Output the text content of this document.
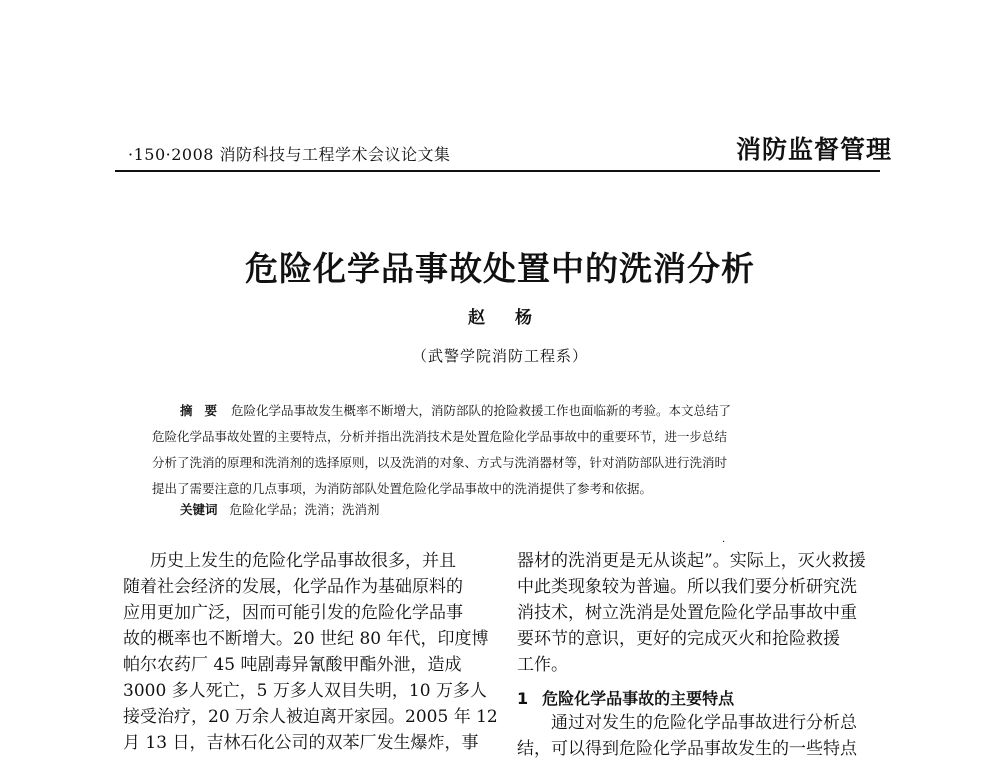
·150·2008 消防科技与工程学术会议论文集	消防监督管理
危险化学品事故处置中的洗消分析
赵 杨
（武警学院消防工程系）
摘要 危险化学品事故发生概率不断增大，消防部队的抢险救援工作也面临新的考验。本文总结了
危险化学品事故处置的主要特点，分析并指出洗消技术是处置危险化学品事故中的重要环节，进一步总结
分析了洗消的原理和洗消剂的选择原则，以及洗消的对象、方式与洗消器材等，针对消防部队进行洗消时
提出了需要注意的几点事项，为消防部队处置危险化学品事故中的洗消提供了参考和依据。
关键词 危险化学品；洗消；洗消剂
·
历史上发生的危险化学品事故很多，并且
随着社会经济的发展，化学品作为基础原料的
应用更加广泛，因而可能引发的危险化学品事
故的概率也不断增大。20 世纪 80 年代，印度博
帕尔农药厂 45 吨剧毒异氰酸甲酯外泄，造成
3000 多人死亡，5 万多人双目失明，10 万多人
接受治疗，20 万余人被迫离开家园。2005 年 12
月 13 日，吉林石化公司的双苯厂发生爆炸，事
器材的洗消更是无从谈起”。实际上，灭火救援
中此类现象较为普遍。所以我们要分析研究洗
消技术，树立洗消是处置危险化学品事故中重
要环节的意识，更好的完成灭火和抢险救援
工作。
1 危险化学品事故的主要特点
通过对发生的危险化学品事故进行分析总
结，可以得到危险化学品事故发生的一些特点
